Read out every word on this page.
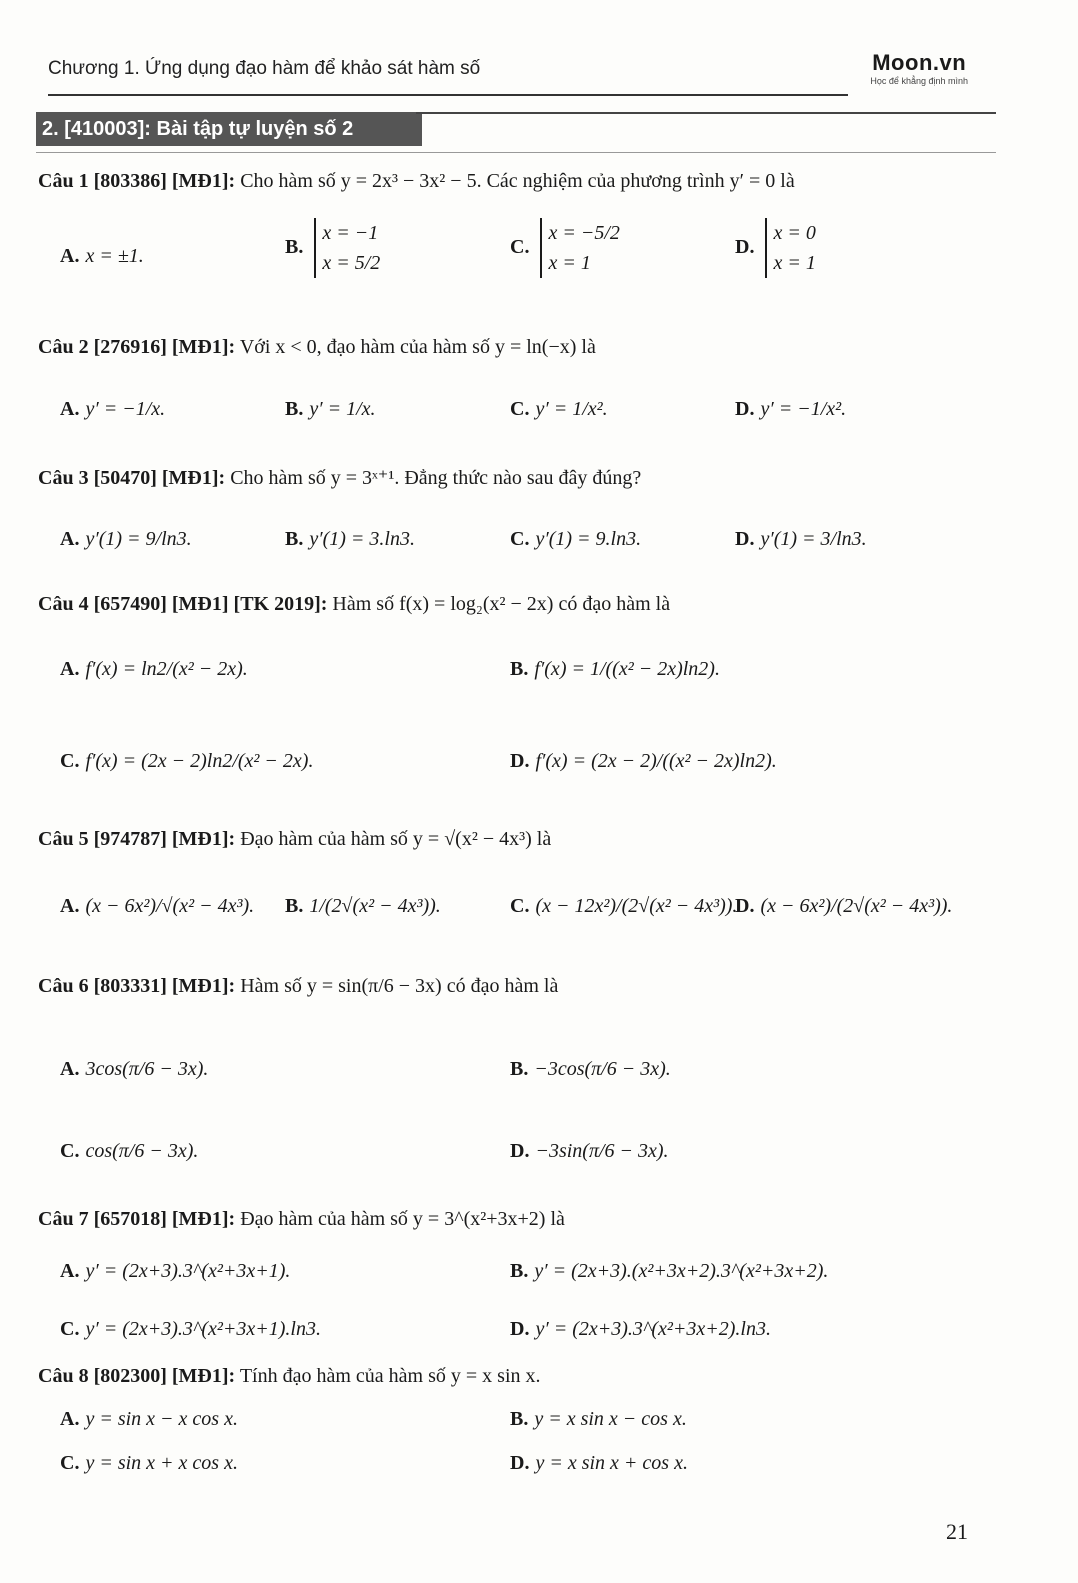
Chương 1. Ứng dụng đạo hàm để khảo sát hàm số	Moon.vn
Học để khẳng định mình
2. [410003]: Bài tập tự luyện số 2
Câu 1 [803386] [MĐ1]: Cho hàm số y = 2x³ − 3x² − 5. Các nghiệm của phương trình y′ = 0 là
A. x = ±1.	B. x = −1
x = 5/2
C. x = −5/2
x = 1
D. x = 0
x = 1
Câu 2 [276916] [MĐ1]: Với x < 0, đạo hàm của hàm số y = ln(−x) là
A. y′ = −1/x.	B. y′ = 1/x.	C. y′ = 1/x².	D. y′ = −1/x².
Câu 3 [50470] [MĐ1]: Cho hàm số y = 3ˣ⁺¹. Đẳng thức nào sau đây đúng?
A. y′(1) = 9/ln3.	B. y′(1) = 3.ln3.	C. y′(1) = 9.ln3.	D. y′(1) = 3/ln3.
Câu 4 [657490] [MĐ1] [TK 2019]: Hàm số f(x) = log₂(x² − 2x) có đạo hàm là
A. f′(x) = ln2/(x² − 2x).	B. f′(x) = 1/((x² − 2x)ln2).
C. f′(x) = (2x − 2)ln2/(x² − 2x).	D. f′(x) = (2x − 2)/((x² − 2x)ln2).
Câu 5 [974787] [MĐ1]: Đạo hàm của hàm số y = √(x² − 4x³) là
A. (x − 6x²)/√(x² − 4x³). B. 1/(2√(x² − 4x³)).	C. (x − 12x²)/(2√(x² − 4x³)).
D. (x − 6x²)/(2√(x² − 4x³)).
Câu 6 [803331] [MĐ1]: Hàm số y = sin(π/6 − 3x) có đạo hàm là
A. 3cos(π/6 − 3x).	B. −3cos(π/6 − 3x).
C. cos(π/6 − 3x).	D. −3sin(π/6 − 3x).
Câu 7 [657018] [MĐ1]: Đạo hàm của hàm số y = 3^(x²+3x+2) là
A. y′ = (2x+3).3^(x²+3x+1).	B. y′ = (2x+3).(x²+3x+2).3^(x²+3x+2).
C. y′ = (2x+3).3^(x²+3x+1).ln3.	D. y′ = (2x+3).3^(x²+3x+2).ln3.
Câu 8 [802300] [MĐ1]: Tính đạo hàm của hàm số y = x sin x.
A. y = sin x − x cos x.	B. y = x sin x − cos x.
C. y = sin x + x cos x.	D. y = x sin x + cos x.
21
